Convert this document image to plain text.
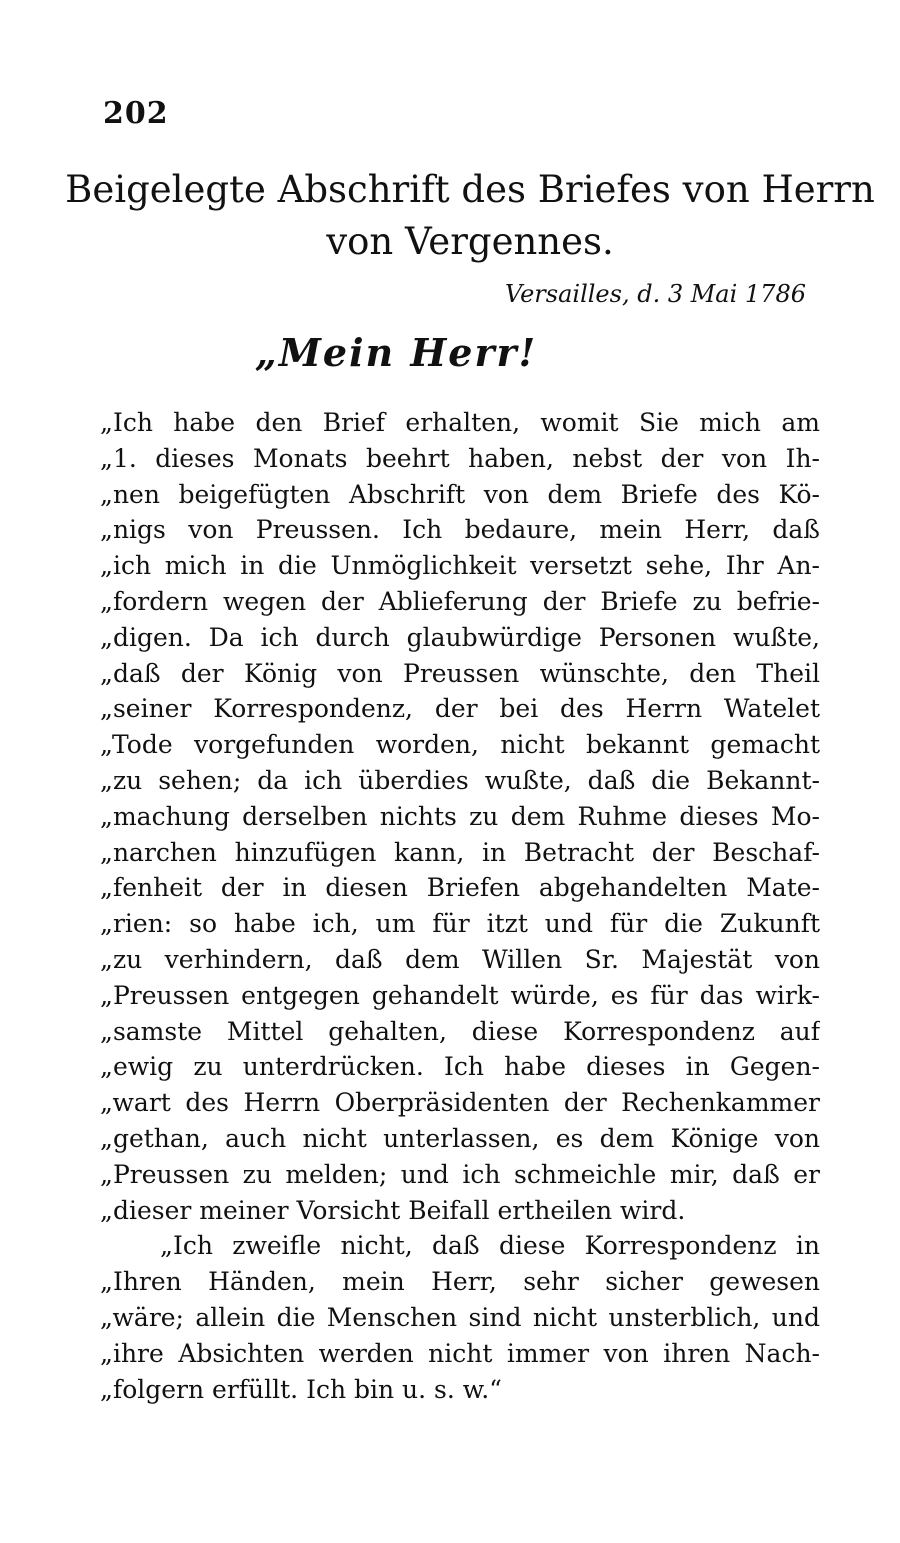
202
Beigelegte Abschrift des Briefes von Herrn
von Vergennes.
Versailles, d. 3 Mai 1786
„Mein Herr!
„Ich habe den Brief erhalten, womit Sie mich am
„1. dieses Monats beehrt haben, nebst der von Ih-
„nen beigefügten Abschrift von dem Briefe des Kö-
„nigs von Preussen. Ich bedaure, mein Herr, daß
„ich mich in die Unmöglichkeit versetzt sehe, Ihr An-
„fordern wegen der Ablieferung der Briefe zu befrie-
„digen. Da ich durch glaubwürdige Personen wußte,
„daß der König von Preussen wünschte, den Theil
„seiner Korrespondenz, der bei des Herrn Watelet
„Tode vorgefunden worden, nicht bekannt gemacht
„zu sehen; da ich überdies wußte, daß die Bekannt-
„machung derselben nichts zu dem Ruhme dieses Mo-
„narchen hinzufügen kann, in Betracht der Beschaf-
„fenheit der in diesen Briefen abgehandelten Mate-
„rien: so habe ich, um für itzt und für die Zukunft
„zu verhindern, daß dem Willen Sr. Majestät von
„Preussen entgegen gehandelt würde, es für das wirk-
„samste Mittel gehalten, diese Korrespondenz auf
„ewig zu unterdrücken. Ich habe dieses in Gegen-
„wart des Herrn Oberpräsidenten der Rechenkammer
„gethan, auch nicht unterlassen, es dem Könige von
„Preussen zu melden; und ich schmeichle mir, daß er
„dieser meiner Vorsicht Beifall ertheilen wird.
„Ich zweifle nicht, daß diese Korrespondenz in
„Ihren Händen, mein Herr, sehr sicher gewesen
„wäre; allein die Menschen sind nicht unsterblich, und
„ihre Absichten werden nicht immer von ihren Nach-
„folgern erfüllt. Ich bin u. s. w.“
